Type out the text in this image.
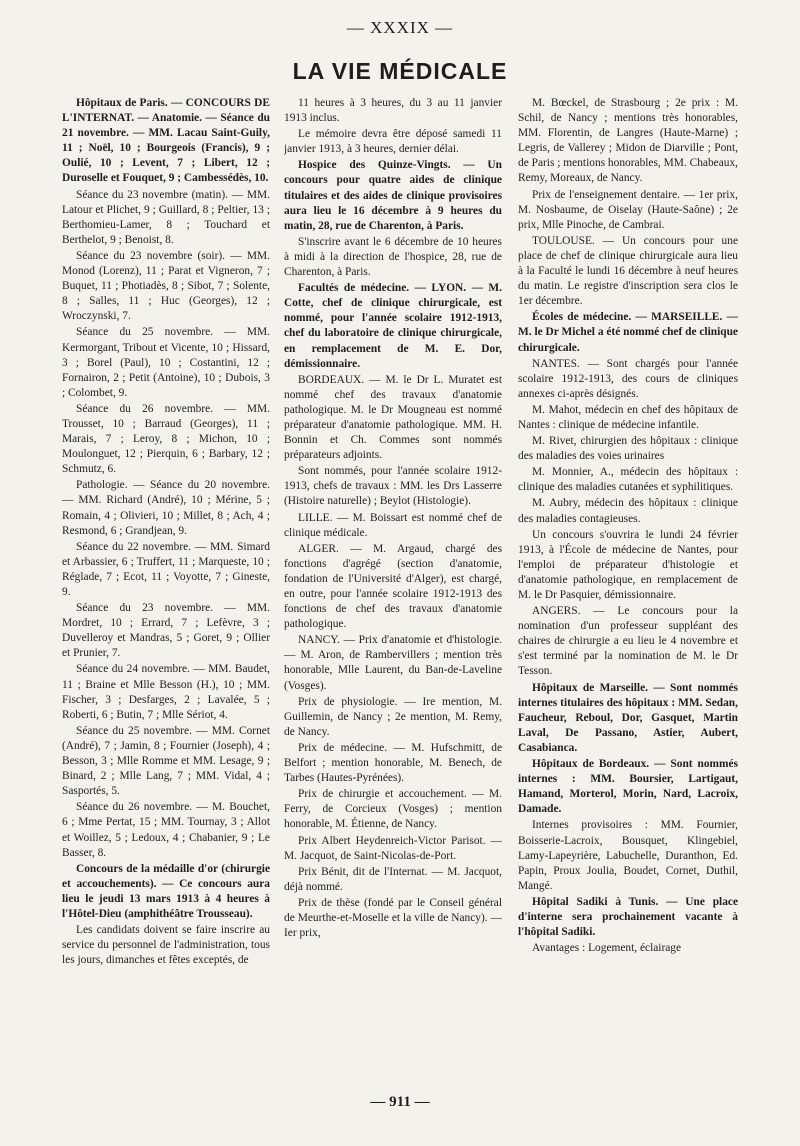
— XXXIX —
LA VIE MÉDICALE

Hôpitaux de Paris. — CONCOURS DE L'INTERNAT. — Anatomie. — Séance du 21 novembre. — MM. Lacau Saint-Guily, 11 ; Noël, 10 ; Bourgeois (Francis), 9 ; Oulié, 10 ; Levent, 7 ; Libert, 12 ; Duroselle et Fouquet, 9 ; Cambessédès, 10.

Séance du 23 novembre (matin). — MM. Latour et Plichet, 9 ; Guillard, 8 ; Peltier, 13 ; Berthomieu-Lamer, 8 ; Touchard et Berthelot, 9 ; Benoist, 8.

Séance du 23 novembre (soir). — MM. Monod (Lorenz), 11 ; Parat et Vigneron, 7 ; Buquet, 11 ; Photiadès, 8 ; Sibot, 7 ; Solente, 8 ; Salles, 11 ; Huc (Georges), 12 ; Wroczynski, 7.

Séance du 25 novembre. — MM. Kermorgant, Tribout et Vicente, 10 ; Hissard, 3 ; Borel (Paul), 10 ; Costantini, 12 ; Fornairon, 2 ; Petit (Antoine), 10 ; Dubois, 3 ; Colombet, 9.

Séance du 26 novembre. — MM. Trousset, 10 ; Barraud (Georges), 11 ; Marais, 7 ; Leroy, 8 ; Michon, 10 ; Moulonguet, 12 ; Pierquin, 6 ; Barbary, 12 ; Schmutz, 6.

Pathologie. — Séance du 20 novembre. — MM. Richard (André), 10 ; Mérine, 5 ; Romain, 4 ; Olivieri, 10 ; Millet, 8 ; Ach, 4 ; Resmond, 6 ; Grandjean, 9.

Séance du 22 novembre. — MM. Simard et Arbassier, 6 ; Truffert, 11 ; Marqueste, 10 ; Réglade, 7 ; Ecot, 11 ; Voyotte, 7 ; Gineste, 9.

Séance du 23 novembre. — MM. Mordret, 10 ; Errard, 7 ; Lefèvre, 3 ; Duvelleroy et Mandras, 5 ; Goret, 9 ; Ollier et Prunier, 7.

Séance du 24 novembre. — MM. Baudet, 11 ; Braine et Mlle Besson (H.), 10 ; MM. Fischer, 3 ; Desfarges, 2 ; Lavalée, 5 ; Roberti, 6 ; Butin, 7 ; Mlle Sériot, 4.

Séance du 25 novembre. — MM. Cornet (André), 7 ; Jamin, 8 ; Fournier (Joseph), 4 ; Besson, 3 ; Mlle Romme et MM. Lesage, 9 ; Binard, 2 ; Mlle Lang, 7 ; MM. Vidal, 4 ; Sasportés, 5.

Séance du 26 novembre. — M. Bouchet, 6 ; Mme Pertat, 15 ; MM. Tournay, 3 ; Allot et Woillez, 5 ; Ledoux, 4 ; Chabanier, 9 ; Le Basser, 8.

Concours de la médaille d'or (chirurgie et accouchements). — Ce concours aura lieu le jeudi 13 mars 1913 à 4 heures à l'Hôtel-Dieu (amphithéâtre Trousseau).

Les candidats doivent se faire inscrire au service du personnel de l'administration, tous les jours, dimanches et fêtes exceptés, de

11 heures à 3 heures, du 3 au 11 janvier 1913 inclus.

Le mémoire devra être déposé samedi 11 janvier 1913, à 3 heures, dernier délai.

Hospice des Quinze-Vingts. — Un concours pour quatre aides de clinique titulaires et des aides de clinique provisoires aura lieu le 16 décembre à 9 heures du matin, 28, rue de Charenton, à Paris.

S'inscrire avant le 6 décembre de 10 heures à midi à la direction de l'hospice, 28, rue de Charenton, à Paris.

Facultés de médecine. — LYON. — M. Cotte, chef de clinique chirurgicale, est nommé, pour l'année scolaire 1912-1913, chef du laboratoire de clinique chirurgicale, en remplacement de M. E. Dor, démissionnaire.

BORDEAUX. — M. le Dr L. Muratet est nommé chef des travaux d'anatomie pathologique. M. le Dr Mougneau est nommé préparateur d'anatomie pathologique. MM. H. Bonnin et Ch. Commes sont nommés préparateurs adjoints.

Sont nommés, pour l'année scolaire 1912-1913, chefs de travaux : MM. les Drs Lasserre (Histoire naturelle) ; Beylot (Histologie).

LILLE. — M. Boissart est nommé chef de clinique médicale.

ALGER. — M. Argaud, chargé des fonctions d'agrégé (section d'anatomie, fondation de l'Université d'Alger), est chargé, en outre, pour l'année scolaire 1912-1913 des fonctions de chef des travaux d'anatomie pathologique.

NANCY. — Prix d'anatomie et d'histologie. — M. Aron, de Rambervillers ; mention très honorable, Mlle Laurent, du Ban-de-Laveline (Vosges).

Prix de physiologie. — Ire mention, M. Guillemin, de Nancy ; 2e mention, M. Remy, de Nancy.

Prix de médecine. — M. Hufschmitt, de Belfort ; mention honorable, M. Benech, de Tarbes (Hautes-Pyrénées).

Prix de chirurgie et accouchement. — M. Ferry, de Corcieux (Vosges) ; mention honorable, M. Étienne, de Nancy.

Prix Albert Heydenreich-Victor Parisot. — M. Jacquot, de Saint-Nicolas-de-Port.

Prix Bénit, dit de l'Internat. — M. Jacquot, déjà nommé.

Prix de thèse (fondé par le Conseil général de Meurthe-et-Moselle et la ville de Nancy). — Ier prix,

M. Bœckel, de Strasbourg ; 2e prix : M. Schil, de Nancy ; mentions très honorables, MM. Florentin, de Langres (Haute-Marne) ; Legris, de Vallerey ; Midon de Diarville ; Pont, de Paris ; mentions honorables, MM. Chabeaux, Remy, Moreaux, de Nancy.

Prix de l'enseignement dentaire. — 1er prix, M. Nosbaume, de Oiselay (Haute-Saône) ; 2e prix, Mlle Pinoche, de Cambrai.

TOULOUSE. — Un concours pour une place de chef de clinique chirurgicale aura lieu à la Faculté le lundi 16 décembre à neuf heures du matin. Le registre d'inscription sera clos le 1er décembre.

Écoles de médecine. — MARSEILLE. — M. le Dr Michel a été nommé chef de clinique chirurgicale.

NANTES. — Sont chargés pour l'année scolaire 1912-1913, des cours de cliniques annexes ci-après désignés.

M. Mahot, médecin en chef des hôpitaux de Nantes : clinique de médecine infantile.

M. Rivet, chirurgien des hôpitaux : clinique des maladies des voies urinaires

M. Monnier, A., médecin des hôpitaux : clinique des maladies cutanées et syphilitiques.

M. Aubry, médecin des hôpitaux : clinique des maladies contagieuses.

Un concours s'ouvrira le lundi 24 février 1913, à l'École de médecine de Nantes, pour l'emploi de préparateur d'histologie et d'anatomie pathologique, en remplacement de M. le Dr Pasquier, démissionnaire.

ANGERS. — Le concours pour la nomination d'un professeur suppléant des chaires de chirurgie a eu lieu le 4 novembre et s'est terminé par la nomination de M. le Dr Tesson.

Hôpitaux de Marseille. — Sont nommés internes titulaires des hôpitaux : MM. Sedan, Faucheur, Reboul, Dor, Gasquet, Martin Laval, De Passano, Astier, Aubert, Casabianca.

Hôpitaux de Bordeaux. — Sont nommés internes : MM. Boursier, Lartigaut, Hamand, Morterol, Morin, Nard, Lacroix, Damade.

Internes provisoires : MM. Fournier, Boisserie-Lacroix, Bousquet, Klingebiel, Lamy-Lapeyrière, Labuchelle, Duranthon, Ed. Papin, Proux Joulia, Boudet, Cornet, Duthil, Mangé.

Hôpital Sadiki à Tunis. — Une place d'interne sera prochainement vacante à l'hôpital Sadiki.

Avantages : Logement, éclairage

— 911 —
